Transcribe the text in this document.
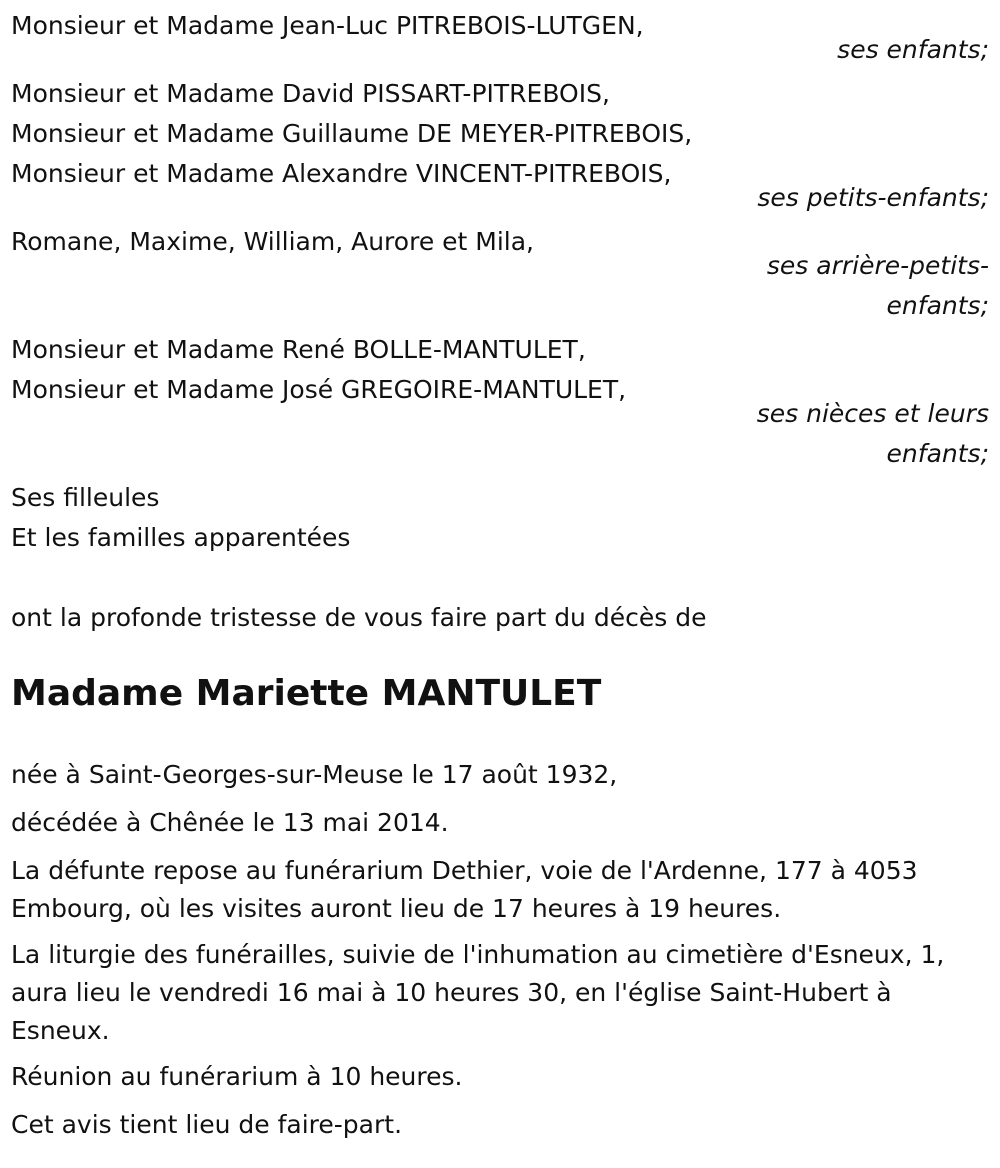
Monsieur et Madame Jean-Luc PITREBOIS-LUTGEN,
ses enfants;
Monsieur et Madame David PISSART-PITREBOIS,
Monsieur et Madame Guillaume DE MEYER-PITREBOIS,
Monsieur et Madame Alexandre VINCENT-PITREBOIS,
ses petits-enfants;
Romane, Maxime, William, Aurore et Mila,
ses arrière-petits-enfants;
Monsieur et Madame René BOLLE-MANTULET,
Monsieur et Madame José GREGOIRE-MANTULET,
ses nièces et leurs enfants;
Ses filleules
Et les familles apparentées
ont la profonde tristesse de vous faire part du décès de
Madame Mariette MANTULET
née à Saint-Georges-sur-Meuse le 17 août 1932,
décédée à Chênée le 13 mai 2014.
La défunte repose au funérarium Dethier, voie de l'Ardenne, 177 à 4053 Embourg, où les visites auront lieu de 17 heures à 19 heures.
La liturgie des funérailles, suivie de l'inhumation au cimetière d'Esneux, 1, aura lieu le vendredi 16 mai à 10 heures 30, en l'église Saint-Hubert à Esneux.
Réunion au funérarium à 10 heures.
Cet avis tient lieu de faire-part.
